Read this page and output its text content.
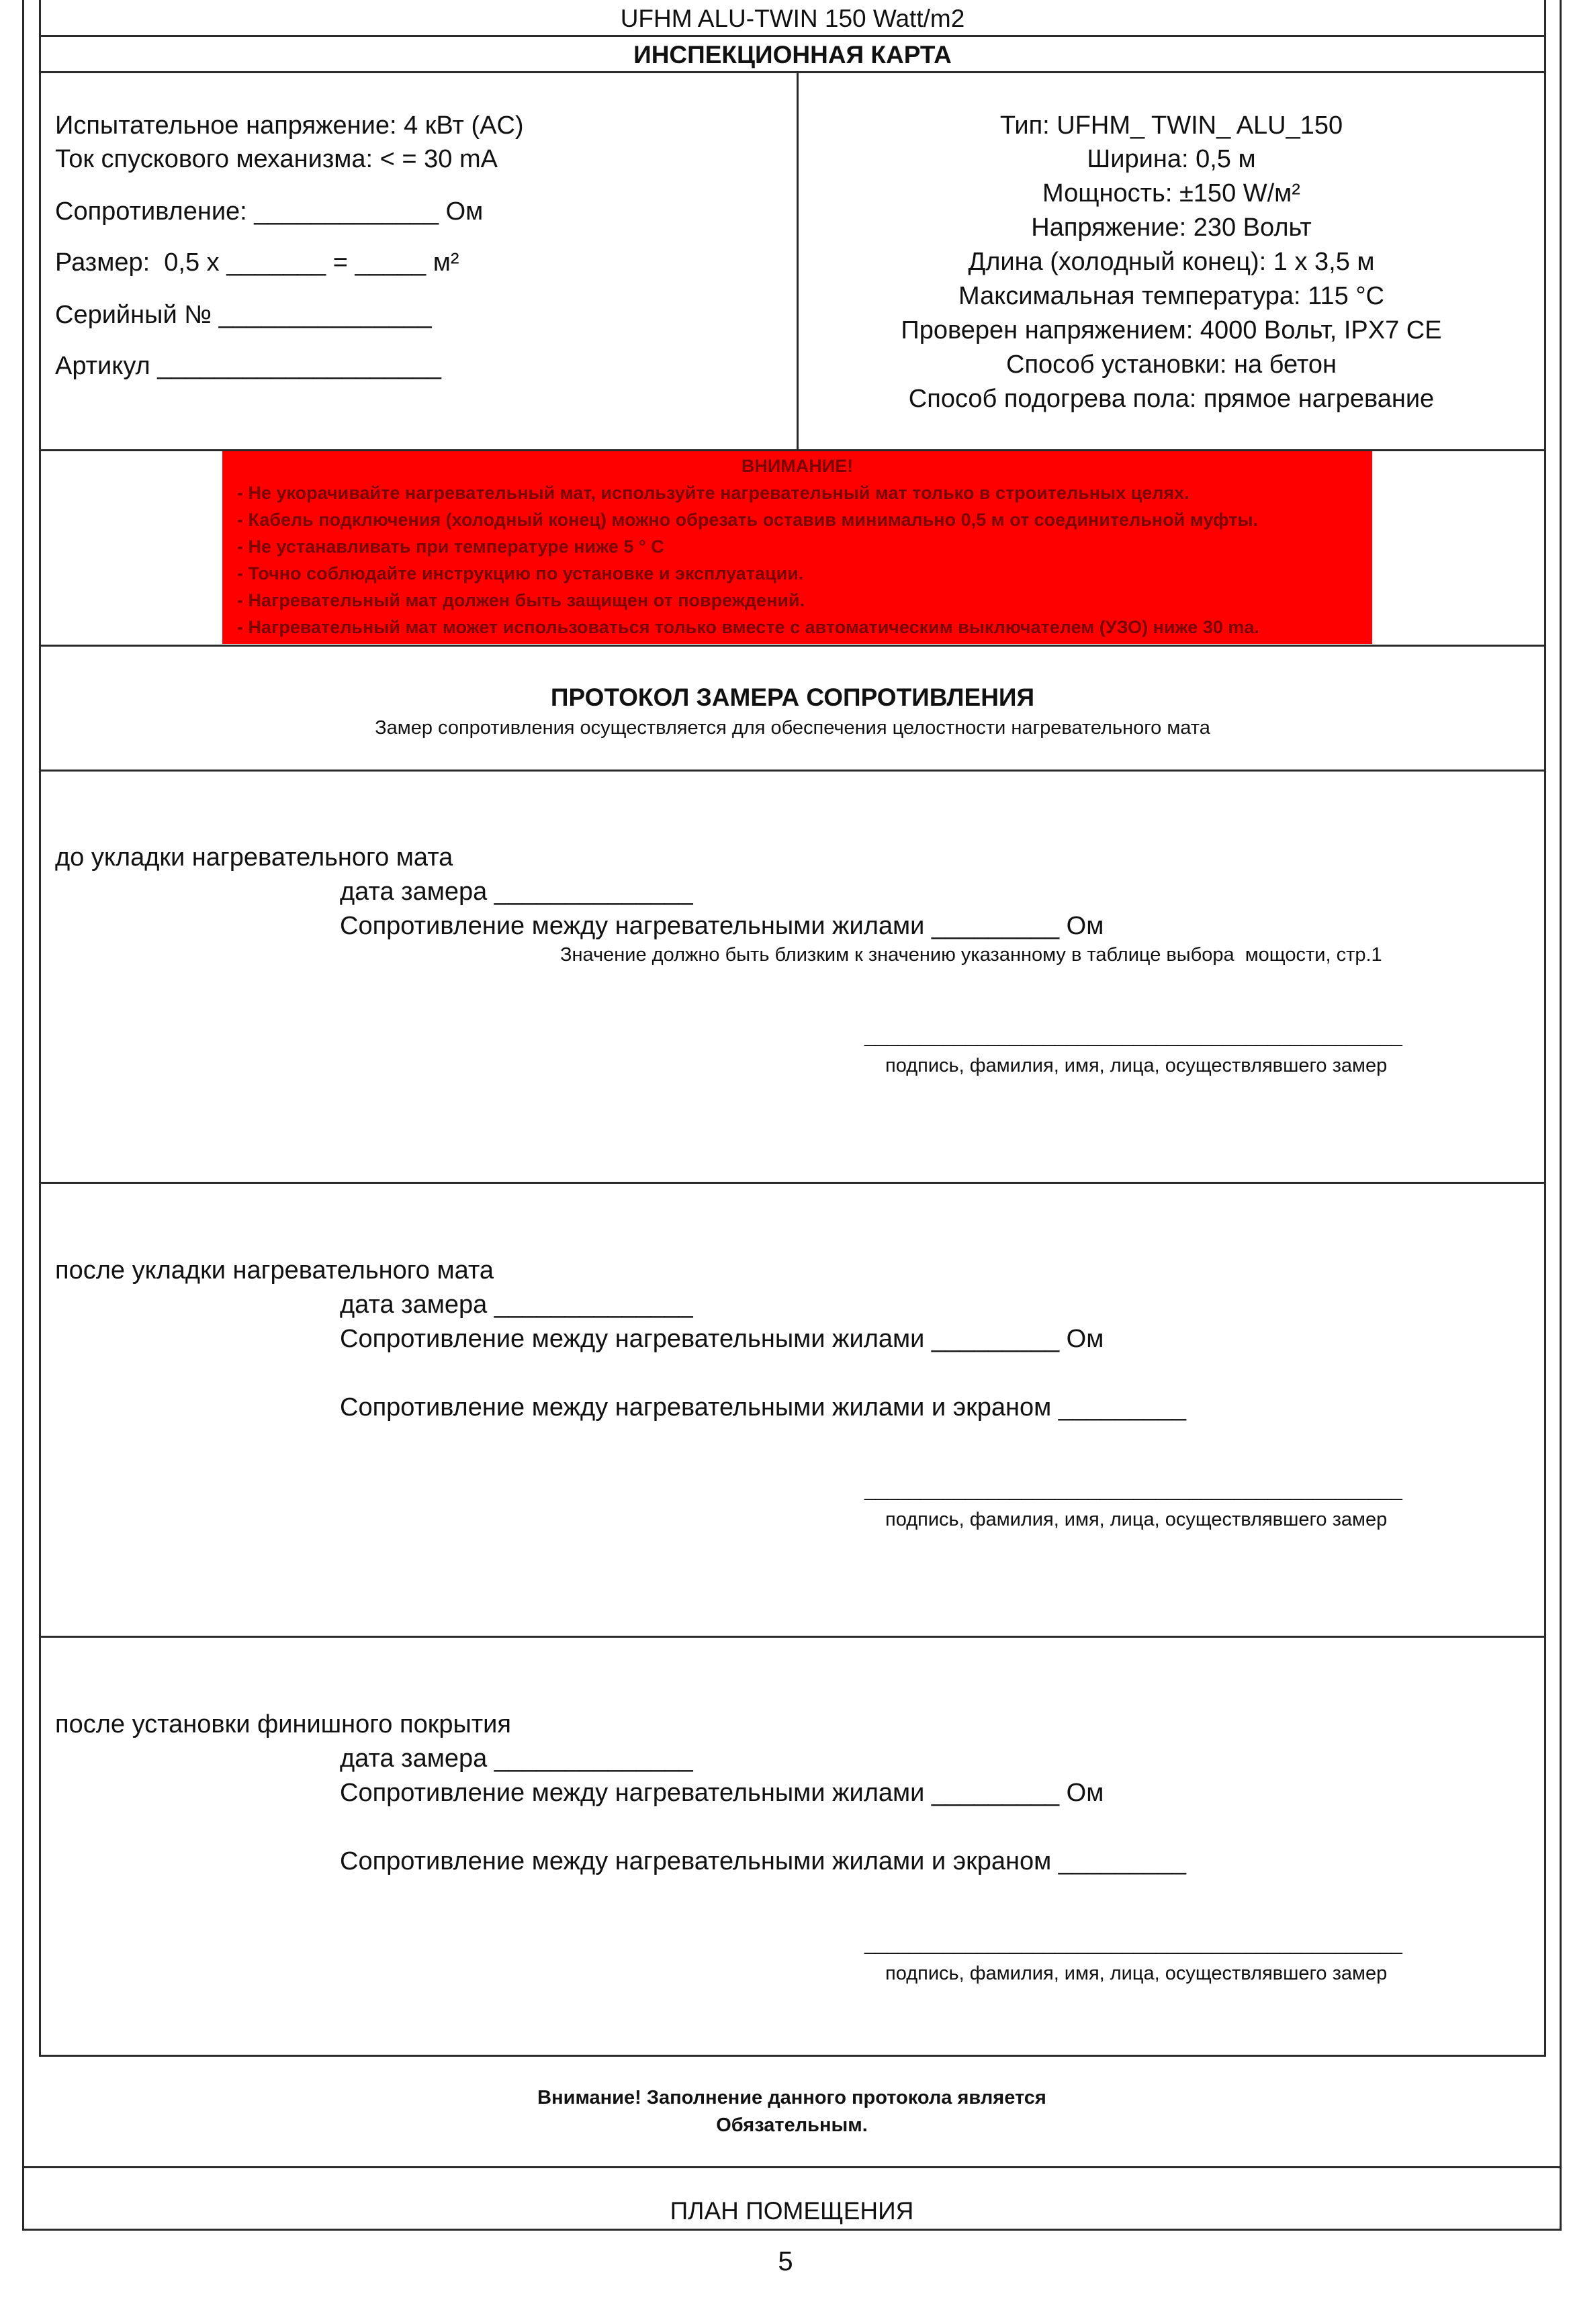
UFHM ALU-TWIN 150 Watt/m2
ИНСПЕКЦИОННАЯ КАРТА
Испытательное напряжение: 4 кВт (AC)
Ток спускового механизма: < = 30 mA
Сопротивление: _____________ Ом
Размер:  0,5 x _______ = _____ м²
Серийный № _______________
Артикул ____________________
Тип: UFHM_ TWIN_ ALU_150
Ширина: 0,5 м
Мощность: ±150 W/м²
Напряжение: 230 Вольт
Длина (холодный конец): 1 x 3,5 м
Максимальная температура: 115 °C
Проверен напряжением: 4000 Вольт, IPX7 CE
Способ установки: на бетон
Способ подогрева пола: прямое нагревание
ВНИМАНИЕ!
- Не укорачивайте нагревательный мат, используйте нагревательный мат только в строительных целях.
- Кабель подключения (холодный конец) можно обрезать оставив минимально 0,5 м от соединительной муфты.
- Не устанавливать при температуре ниже 5 ° C
- Точно соблюдайте инструкцию по установке и эксплуатации.
- Нагревательный мат должен быть защищен от повреждений.
- Нагревательный мат может использоваться только вместе с автоматическим выключателем (УЗО) ниже 30 ma.
ПРОТОКОЛ ЗАМЕРА СОПРОТИВЛЕНИЯ
Замер сопротивления осуществляется для обеспечения целостности нагревательного мата
до укладки нагревательного мата
дата замера ______________
Сопротивление между нагревательными жилами _________ Ом
Значение должно быть близким к значению указанному в таблице выбора  мощости, стр.1
________________________________________________
подпись, фамилия, имя, лица, осуществлявшего замер
после укладки нагревательного мата
дата замера ______________
Сопротивление между нагревательными жилами _________ Ом
Сопротивление между нагревательными жилами и экраном _________
________________________________________________
подпись, фамилия, имя, лица, осуществлявшего замер
после установки финишного покрытия
дата замера ______________
Сопротивление между нагревательными жилами _________ Ом
Сопротивление между нагревательными жилами и экраном _________
________________________________________________
подпись, фамилия, имя, лица, осуществлявшего замер
Внимание! Заполнение данного протокола является
Обязательным.
ПЛАН ПОМЕЩЕНИЯ
5
